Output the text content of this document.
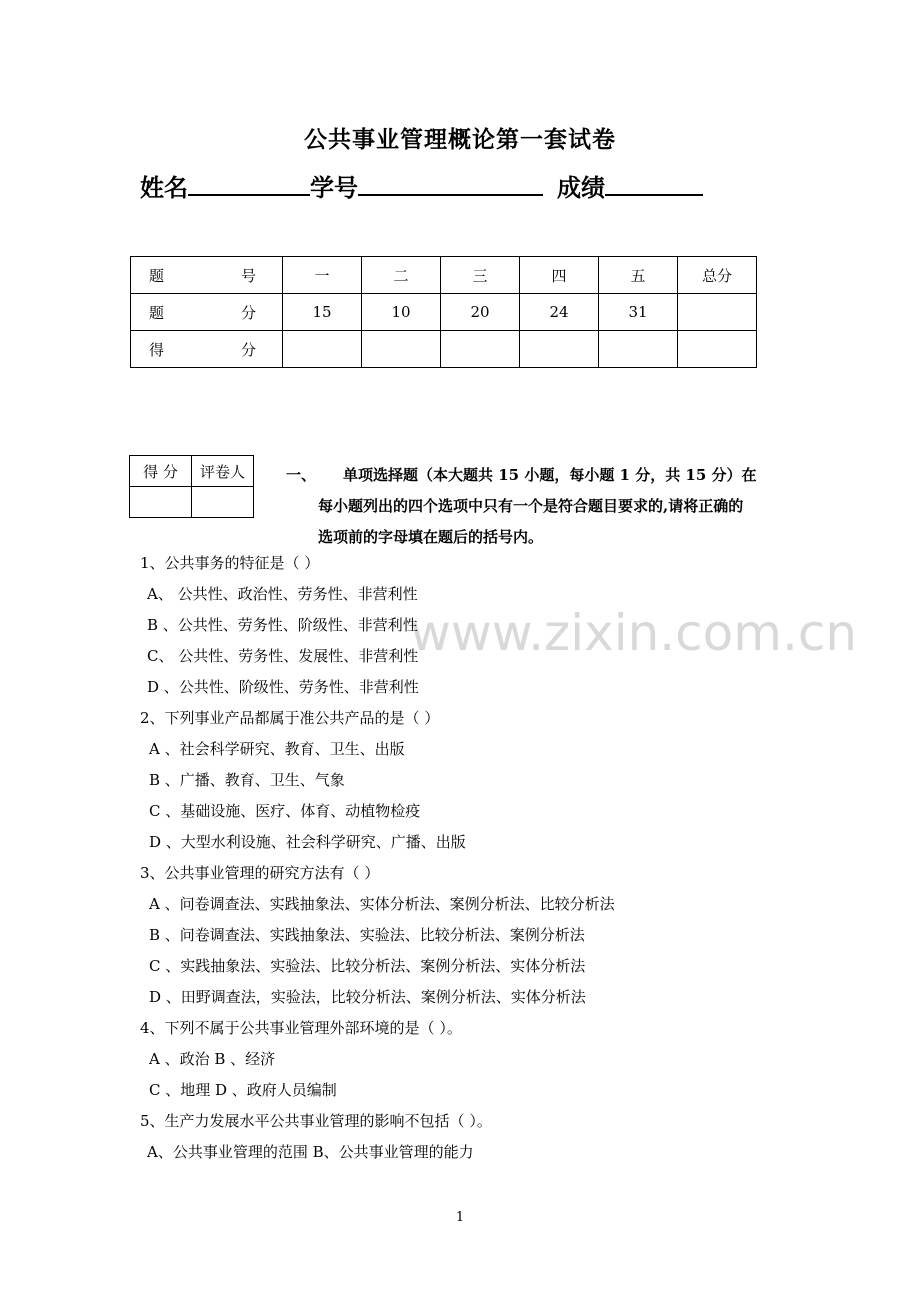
公共事业管理概论第一套试卷
姓名	学号	成绩
题号	一	二	三	四	五	总分
题分	15	10	20	24	31	
得分						
得 分	评卷人
		一、 单项选择题（本大题共 15 小题，每小题 1 分，共 15 分）在
每小题列出的四个选项中只有一个是符合题目要求的,请将正确的
选项前的字母填在题后的括号内。
www.zixin.com.cn
1、公共事务的特征是（ ）
A、 公共性、政治性、劳务性、非营利性
B 、公共性、劳务性、阶级性、非营利性
C、 公共性、劳务性、发展性、非营利性
D 、公共性、阶级性、劳务性、非营利性
2、下列事业产品都属于准公共产品的是（ ）
A 、社会科学研究、教育、卫生、出版
B 、广播、教育、卫生、气象
C 、基础设施、医疗、体育、动植物检疫
D 、大型水利设施、社会科学研究、广播、出版
3、公共事业管理的研究方法有（ ）
A 、问卷调查法、实践抽象法、实体分析法、案例分析法、比较分析法
B 、问卷调查法、实践抽象法、实验法、比较分析法、案例分析法
C 、实践抽象法、实验法、比较分析法、案例分析法、实体分析法
D 、田野调查法，实验法，比较分析法、案例分析法、实体分析法
4、下列不属于公共事业管理外部环境的是（ ）。
A 、政治 B 、经济
C 、地理 D 、政府人员编制
5、生产力发展水平公共事业管理的影响不包括（ ）。
A、公共事业管理的范围 B、公共事业管理的能力
1
